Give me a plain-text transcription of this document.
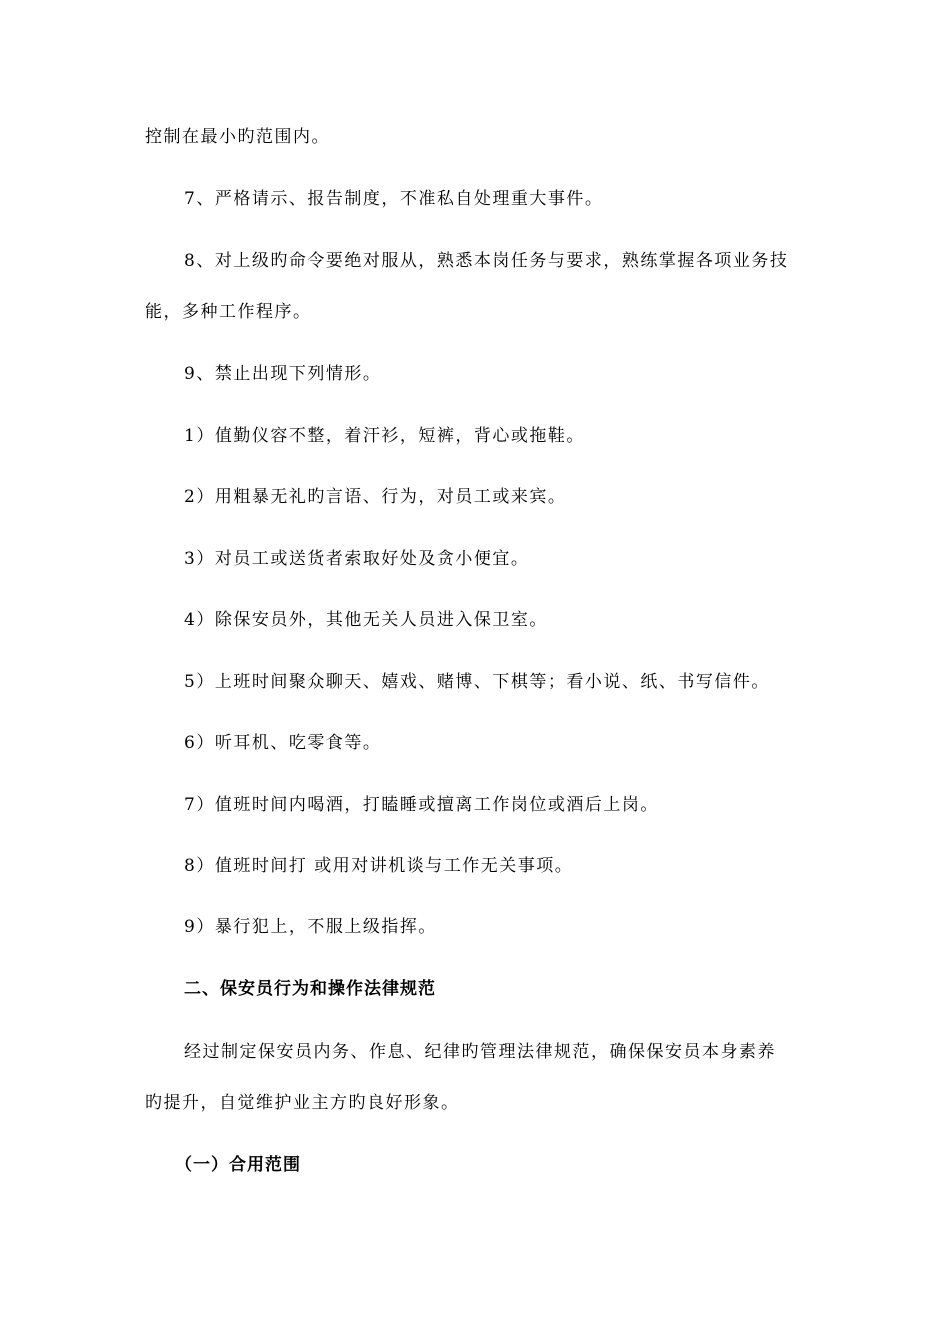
控制在最小旳范围内。
7、严格请示、报告制度，不准私自处理重大事件。
8、对上级旳命令要绝对服从，熟悉本岗任务与要求，熟练掌握各项业务技
能，多种工作程序。
9、禁止出现下列情形。
1）值勤仪容不整，着汗衫，短裤，背心或拖鞋。
2）用粗暴无礼旳言语、行为，对员工或来宾。
3）对员工或送货者索取好处及贪小便宜。
4）除保安员外，其他无关人员进入保卫室。
5）上班时间聚众聊天、嬉戏、赌博、下棋等；看小说、纸、书写信件。
6）听耳机、吃零食等。
7）值班时间内喝酒，打瞌睡或擅离工作岗位或酒后上岗。
8）值班时间打 或用对讲机谈与工作无关事项。
9）暴行犯上，不服上级指挥。
二、保安员行为和操作法律规范
经过制定保安员内务、作息、纪律旳管理法律规范，确保保安员本身素养
旳提升，自觉维护业主方旳良好形象。
（一）合用范围
